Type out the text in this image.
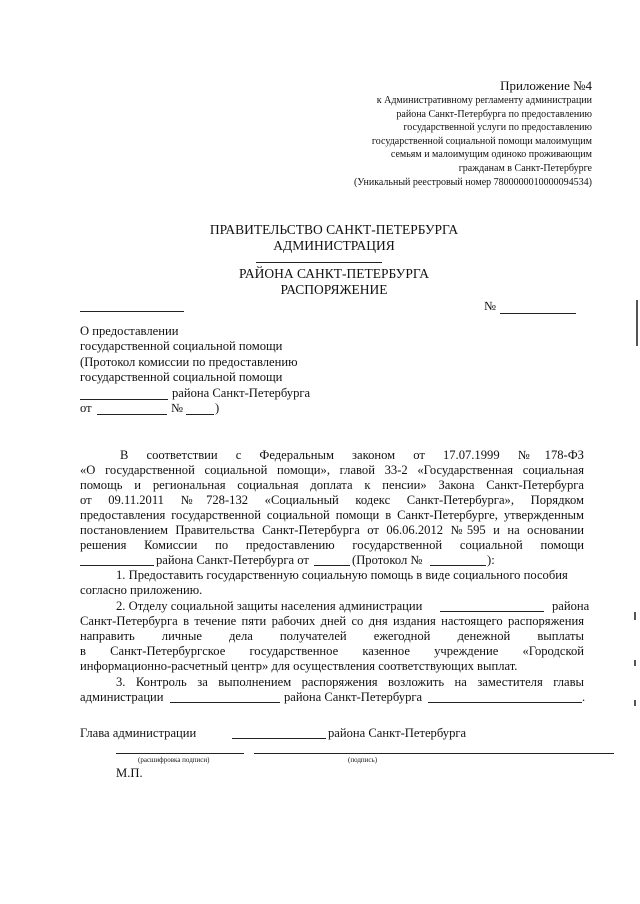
Приложение №4
к Административному регламенту администрации
района Санкт-Петербурга по предоставлению
государственной услуги по предоставлению
государственной социальной помощи малоимущим
семьям и малоимущим одиноко проживающим
гражданам в Санкт-Петербурге
(Уникальный реестровый номер 7800000010000094534)
ПРАВИТЕЛЬСТВО САНКТ-ПЕТЕРБУРГА
АДМИНИСТРАЦИЯ
РАЙОНА САНКТ-ПЕТЕРБУРГА
РАСПОРЯЖЕНИЕ
№
О предоставлении
государственной социальной помощи
(Протокол комиссии по предоставлению
государственной социальной помощи
района Санкт-Петербурга
от	№	)
В соответствии с Федеральным законом от 17.07.1999 №178-ФЗ
«О государственной социальной помощи», главой 33-2 «Государственная социальная
помощь и региональная социальная доплата к пенсии» Закона Санкт-Петербурга
от 09.11.2011 №728-132 «Социальный кодекс Санкт-Петербурга», Порядком
предоставления государственной социальной помощи в Санкт-Петербурге, утвержденным
постановлением Правительства Санкт-Петербурга от 06.06.2012 №595 и на основании
решения Комиссии по предоставлению государственной социальной помощи
района Санкт-Петербурга от	(Протокол №	):
1. Предоставить государственную социальную помощь в виде социального пособия
согласно приложению.
2. Отделу социальной защиты населения администрации	района
Санкт-Петербурга в течение пяти рабочих дней со дня издания настоящего распоряжения
направить личные дела получателей ежегодной денежной выплаты
в Санкт-Петербургское государственное казенное учреждение «Городской
информационно-расчетный центр» для осуществления соответствующих выплат.
3. Контроль за выполнением распоряжения возложить на заместителя главы
администрации	района Санкт-Петербурга	.
Глава администрации	района Санкт-Петербурга
(расшифровка подписи)	(подпись)
М.П.
